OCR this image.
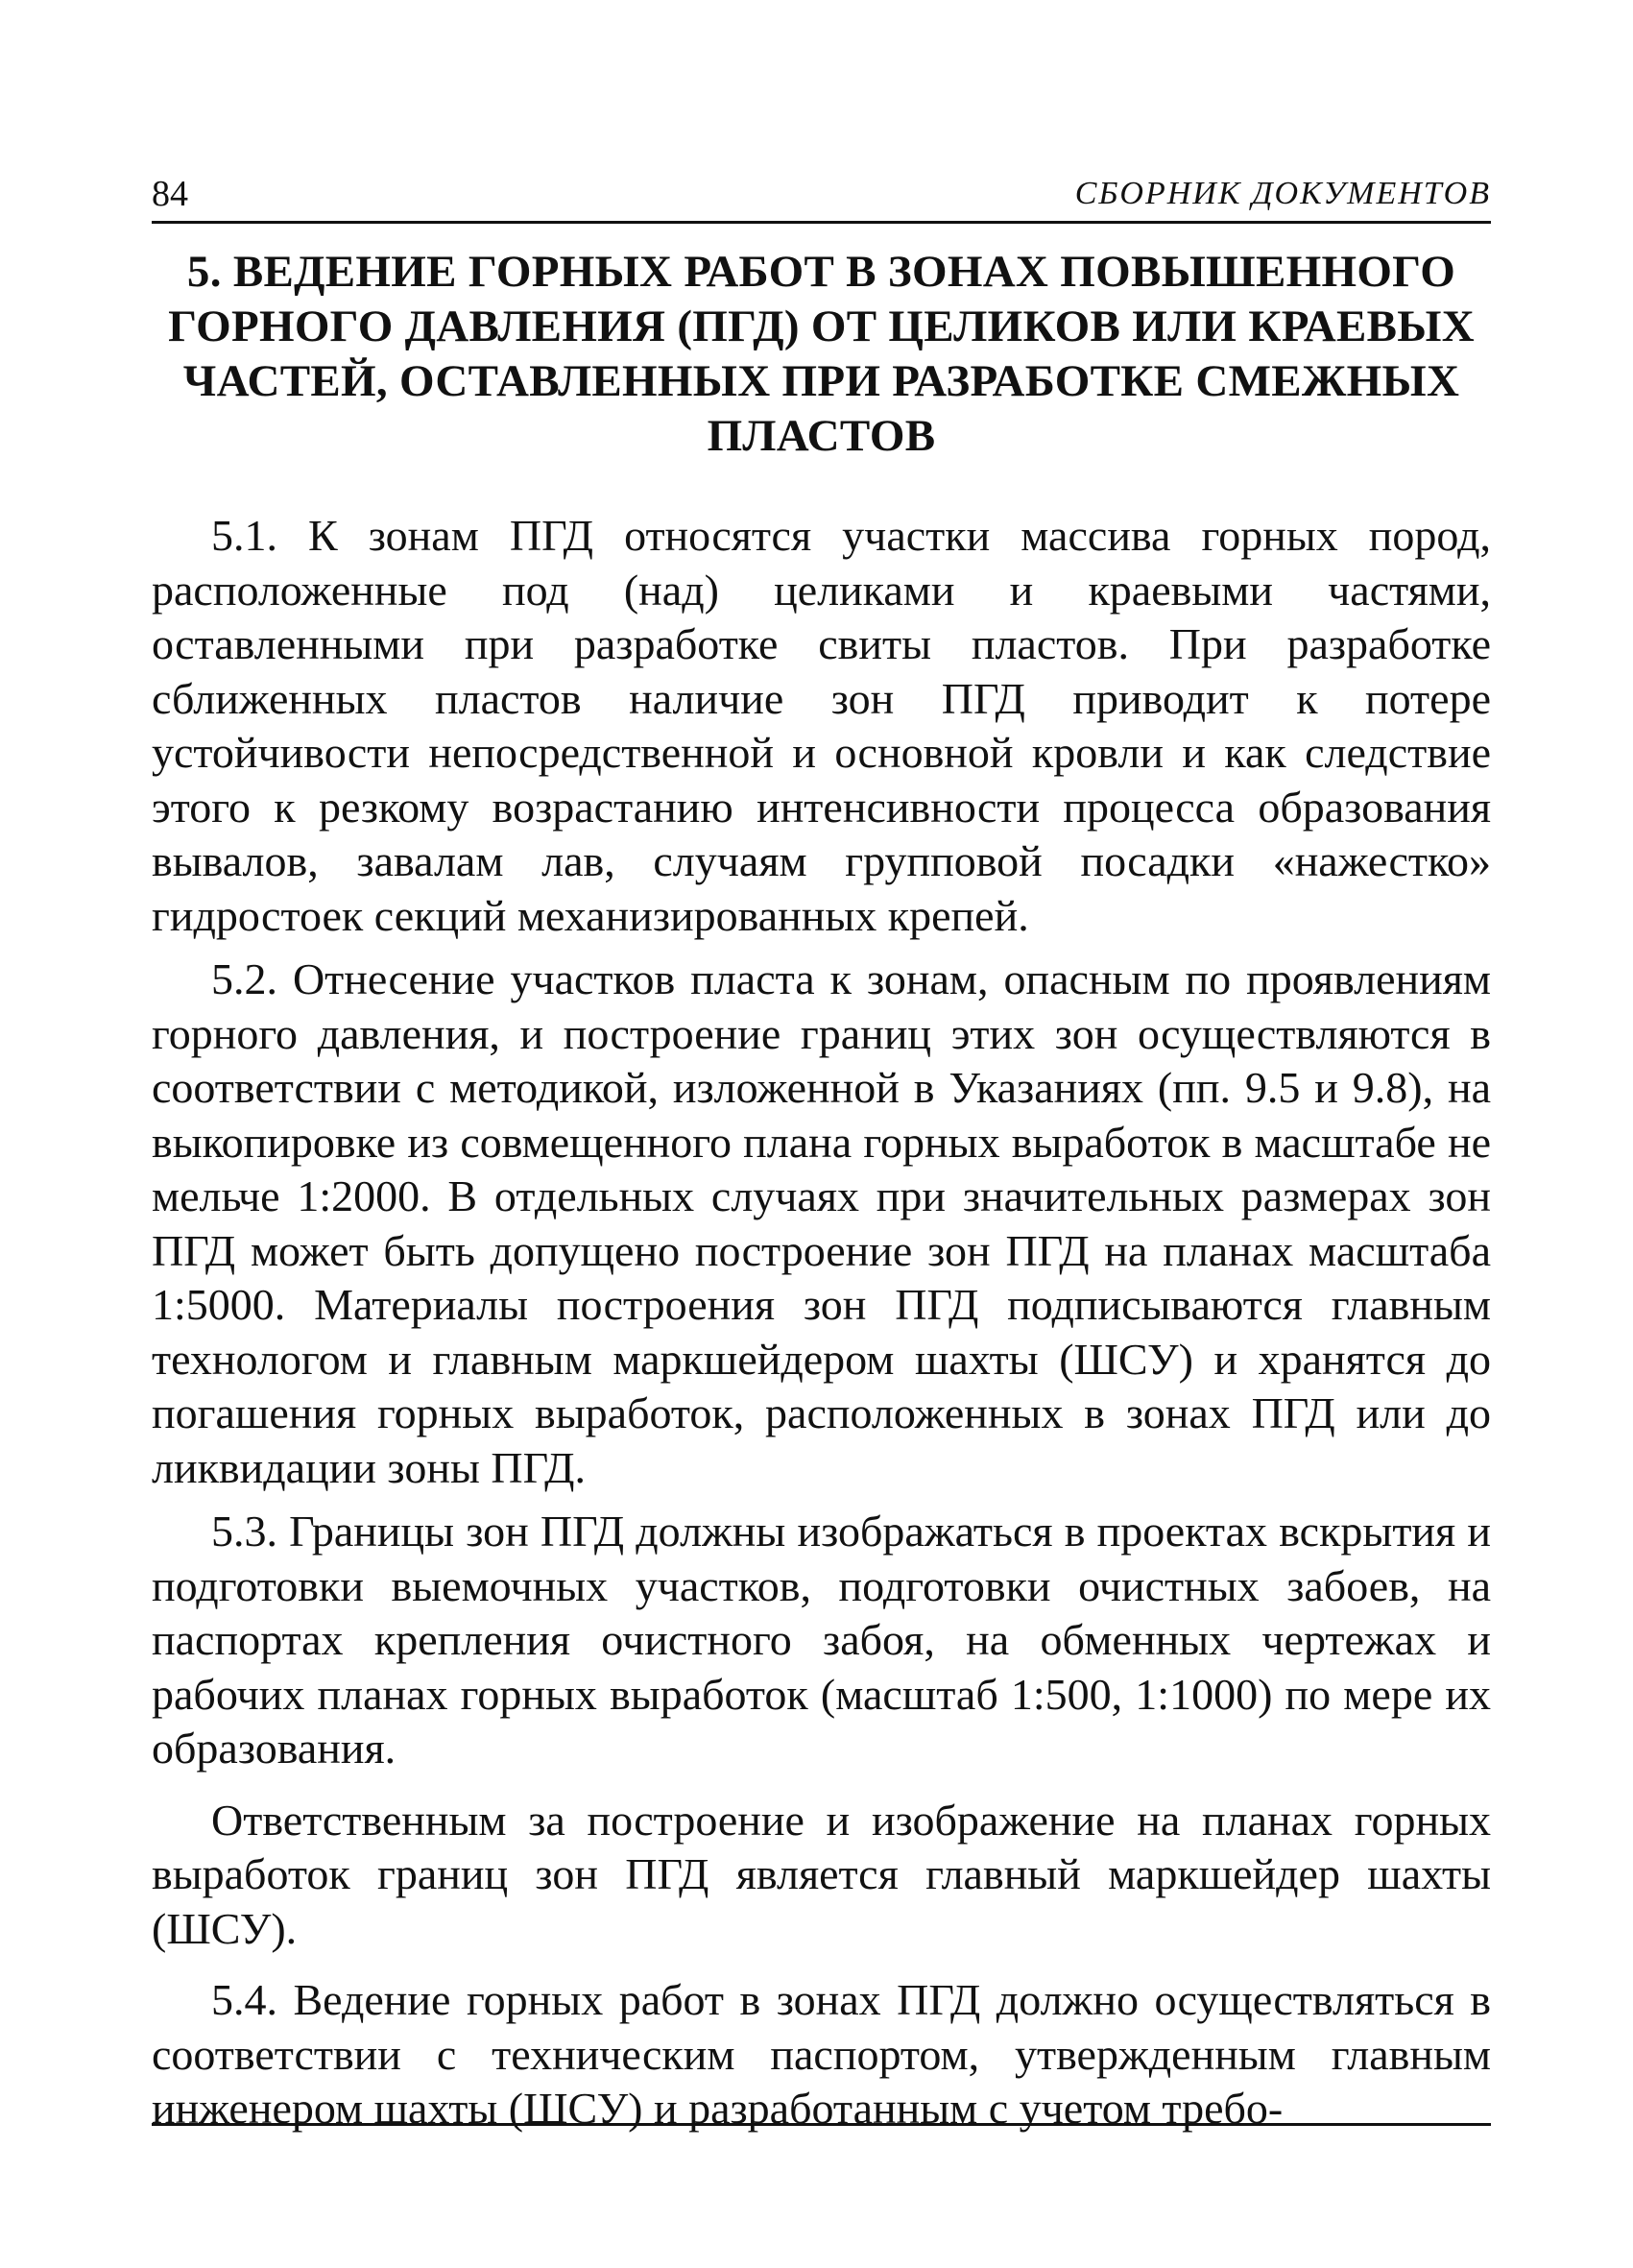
84	СБОРНИК ДОКУМЕНТОВ
5. ВЕДЕНИЕ ГОРНЫХ РАБОТ В ЗОНАХ ПОВЫШЕННОГО ГОРНОГО ДАВЛЕНИЯ (ПГД) ОТ ЦЕЛИКОВ ИЛИ КРАЕВЫХ ЧАСТЕЙ, ОСТАВЛЕННЫХ ПРИ РАЗРАБОТКЕ СМЕЖНЫХ ПЛАСТОВ

5.1. К зонам ПГД относятся участки массива горных пород, расположенные под (над) целиками и краевыми частями, оставленными при разработке свиты пластов. При разработке сближенных пластов наличие зон ПГД приводит к потере устойчивости непосредственной и основной кровли и как следствие этого к резкому возрастанию интенсивности процесса образования вывалов, завалам лав, случаям групповой посадки «нажестко» гидростоек секций механизированных крепей.

5.2. Отнесение участков пласта к зонам, опасным по проявлениям горного давления, и построение границ этих зон осуществляются в соответствии с методикой, изложенной в Указаниях (пп. 9.5 и 9.8), на выкопировке из совмещенного плана горных выработок в масштабе не мельче 1:2000. В отдельных случаях при значительных размерах зон ПГД может быть допущено построение зон ПГД на планах масштаба 1:5000. Материалы построения зон ПГД подписываются главным технологом и главным маркшейдером шахты (ШСУ) и хранятся до погашения горных выработок, расположенных в зонах ПГД или до ликвидации зоны ПГД.

5.3. Границы зон ПГД должны изображаться в проектах вскрытия и подготовки выемочных участков, подготовки очистных забоев, на паспортах крепления очистного забоя, на обменных чертежах и рабочих планах горных выработок (масштаб 1:500, 1:1000) по мере их образования.

Ответственным за построение и изображение на планах горных выработок границ зон ПГД является главный маркшейдер шахты (ШСУ).

5.4. Ведение горных работ в зонах ПГД должно осуществляться в соответствии с техническим паспортом, утвержденным главным инженером шахты (ШСУ) и разработанным с учетом требо-
